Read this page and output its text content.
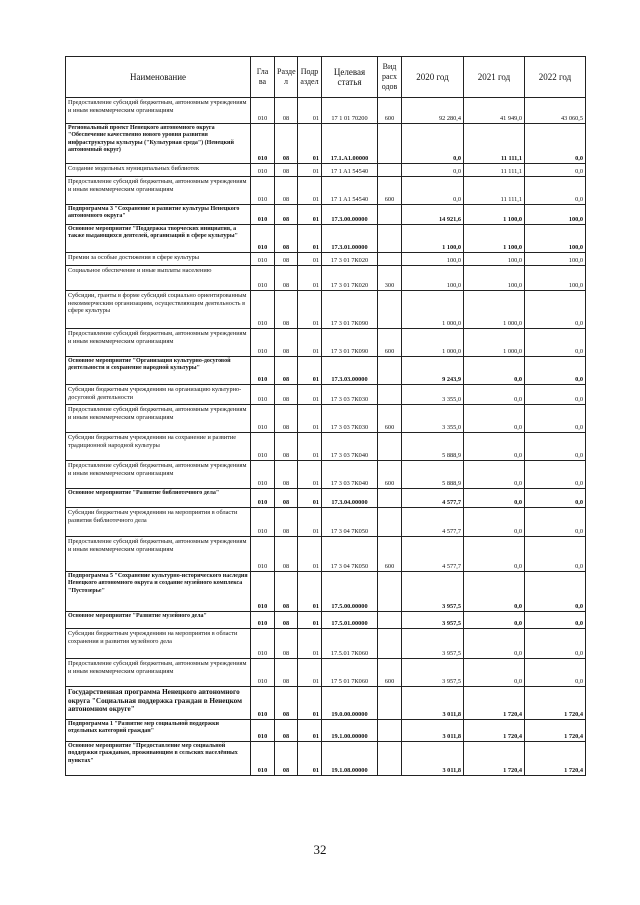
Наименование	Гла ва	Разде л	Подр аздел	Целевая статья	Вид расх одов	2020 год	2021 год	2022 год
Предоставление субсидий бюджетным, автономным учреждениям и иным некоммерческим организациям	010	08	01	17 1 01 70200	600	92 280,4	41 949,0	43 060,5
Региональный проект Ненецкого автономного округа "Обеспечение качественно нового уровня развития инфраструктуры культуры ("Культурная среда") (Ненецкий автономный округ)	010	08	01	17.1.A1.00000		0,0	11 111,1	0,0
Создание модельных муниципальных библиотек	010	08	01	17 1 A1 54540		0,0	11 111,1	0,0
Предоставление субсидий бюджетным, автономным учреждениям и иным некоммерческим организациям	010	08	01	17 1 A1 54540	600	0,0	11 111,1	0,0
Подпрограмма 3 "Сохранение и развитие культуры Ненецкого автономного округа"	010	08	01	17.3.00.00000		14 921,6	1 100,0	100,0
Основное мероприятие "Поддержка творческих инициатив, а также выдающихся деятелей, организаций в сфере культуры"	010	08	01	17.3.01.00000		1 100,0	1 100,0	100,0
Премии за особые достижения в сфере культуры	010	08	01	17 3 01 7К020		100,0	100,0	100,0
Социальное обеспечение и иные выплаты населению	010	08	01	17 3 01 7К020	300	100,0	100,0	100,0
Субсидии, гранты в форме субсидий социально ориентированным некоммерческим организациям, осуществляющим деятельность в сфере культуры	010	08	01	17 3 01 7К090		1 000,0	1 000,0	0,0
Предоставление субсидий бюджетным, автономным учреждениям и иным некоммерческим организациям	010	08	01	17 3 01 7К090	600	1 000,0	1 000,0	0,0
Основное мероприятие "Организация культурно-досуговой деятельности и сохранение народной культуры"	010	08	01	17.3.03.00000		9 243,9	0,0	0,0
Субсидии бюджетным учреждениям на организацию культурно-досуговой деятельности	010	08	01	17 3 03 7К030		3 355,0	0,0	0,0
Предоставление субсидий бюджетным, автономным учреждениям и иным некоммерческим организациям	010	08	01	17 3 03 7К030	600	3 355,0	0,0	0,0
Субсидии бюджетным учреждениям на сохранение и развитие традиционной народной культуры	010	08	01	17 3 03 7К040		5 888,9	0,0	0,0
Предоставление субсидий бюджетным, автономным учреждениям и иным некоммерческим организациям	010	08	01	17 3 03 7К040	600	5 888,9	0,0	0,0
Основное мероприятие "Развитие библиотечного дела"	010	08	01	17.3.04.00000		4 577,7	0,0	0,0
Субсидии бюджетным учреждениям на мероприятия в области развития библиотечного дела	010	08	01	17 3 04 7К050		4 577,7	0,0	0,0
Предоставление субсидий бюджетным, автономным учреждениям и иным некоммерческим организациям	010	08	01	17 3 04 7К050	600	4 577,7	0,0	0,0
Подпрограмма 5 "Сохранение культурно-исторического наследия Ненецкого автономного округа и создание музейного комплекса "Пустозерье"	010	08	01	17.5.00.00000		3 957,5	0,0	0,0
Основное мероприятие "Развитие музейного дела"	010	08	01	17.5.01.00000		3 957,5	0,0	0,0
Субсидии бюджетным учреждениям на мероприятия в области сохранения и развития музейного дела	010	08	01	17.5.01 7К060		3 957,5	0,0	0,0
Предоставление субсидий бюджетным, автономным учреждениям и иным некоммерческим организациям	010	08	01	17 5 01 7К060	600	3 957,5	0,0	0,0
Государственная программа Ненецкого автономного округа "Социальная поддержка граждан в Ненецком автономном округе"	010	08	01	19.0.00.00000		3 011,8	1 720,4	1 720,4
Подпрограмма 1 "Развитие мер социальной поддержки отдельных категорий граждан"	010	08	01	19.1.00.00000		3 011,8	1 720,4	1 720,4
Основное мероприятие "Предоставление мер социальной поддержки гражданам, проживающим в сельских населённых пунктах"	010	08	01	19.1.08.00000		3 011,8	1 720,4	1 720,4
32
